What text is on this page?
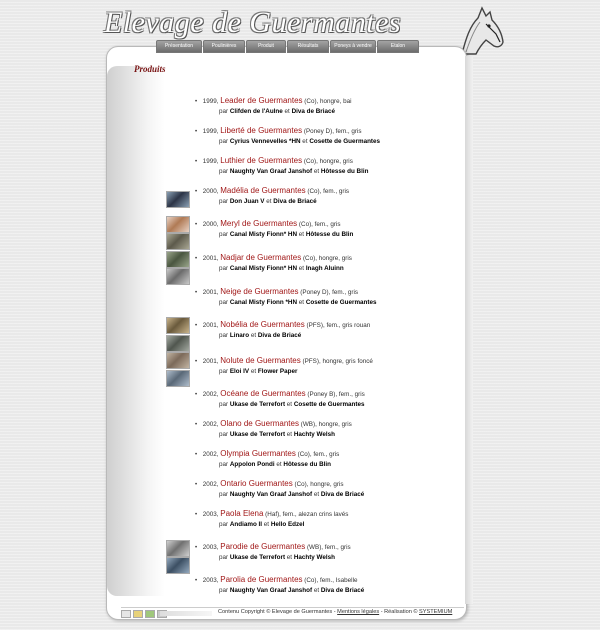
Elevage de Guermantes
Présentation	Poulinières	Produit	Résultats	Poneys à vendre	Etalon
Produits
• 1999, Leader de Guermantes (Co), hongre, bai
par Clifden de l'Aulne et Diva de Briacé
• 1999, Liberté de Guermantes (Poney D), fem., gris
par Cyrius Vennevelles *HN et Cosette de Guermantes
• 1999, Luthier de Guermantes (Co), hongre, gris
par Naughty Van Graaf Janshof et Hôtesse du Blin
• 2000, Madélia de Guermantes (Co), fem., gris
par Don Juan V et Diva de Briacé
• 2000, Meryl de Guermantes (Co), fem., gris
par Canal Misty Fionn* HN et Hôtesse du Blin
• 2001, Nadjar de Guermantes (Co), hongre, gris
par Canal Misty Fionn* HN et Inagh Aluinn
• 2001, Neige de Guermantes (Poney D), fem., gris
par Canal Misty Fionn *HN et Cosette de Guermantes
• 2001, Nobélia de Guermantes (PFS), fem., gris rouan
par Linaro et Diva de Briacé
• 2001, Nolute de Guermantes (PFS), hongre, gris foncé
par Eloi IV et Flower Paper
• 2002, Océane de Guermantes (Poney B), fem., gris
par Ukase de Terrefort et Cosette de Guermantes
• 2002, Olano de Guermantes (WB), hongre, gris
par Ukase de Terrefort et Hachty Welsh
• 2002, Olympia Guermantes (Co), fem., gris
par Appolon Pondi et Hôtesse du Blin
• 2002, Ontario Guermantes (Co), hongre, gris
par Naughty Van Graaf Janshof et Diva de Briacé
• 2003, Paola Elena (Haf), fem., alezan crins lavés
par Andiamo II et Hello Edzel
• 2003, Parodie de Guermantes (WB), fem., gris
par Ukase de Terrefort et Hachty Welsh
• 2003, Parolia de Guermantes (Co), fem., Isabelle
par Naughty Van Graaf Janshof et Diva de Briacé
Contenu Copyright © Elevage de Guermantes - Mentions légales - Réalisation © SYSTEMIUM
